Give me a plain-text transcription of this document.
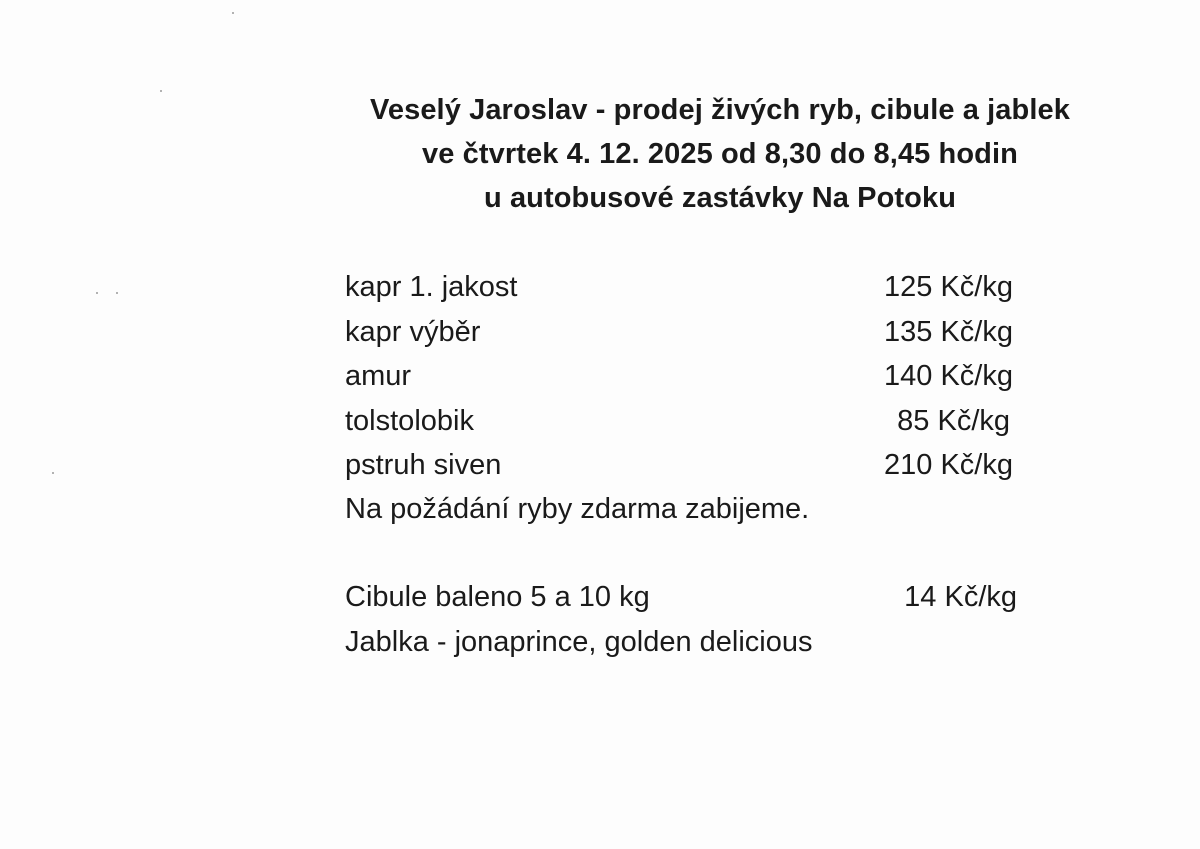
Veselý Jaroslav - prodej živých ryb, cibule a jablek
ve čtvrtek 4. 12. 2025 od 8,30 do 8,45 hodin
u autobusové zastávky Na Potoku
kapr 1. jakost	125 Kč/kg
kapr výběr	135 Kč/kg
amur	140 Kč/kg
tolstolobik	85 Kč/kg
pstruh siven	210 Kč/kg
Na požádání ryby zdarma zabijeme.
Cibule baleno 5 a 10 kg	14 Kč/kg
Jablka - jonaprince, golden delicious
